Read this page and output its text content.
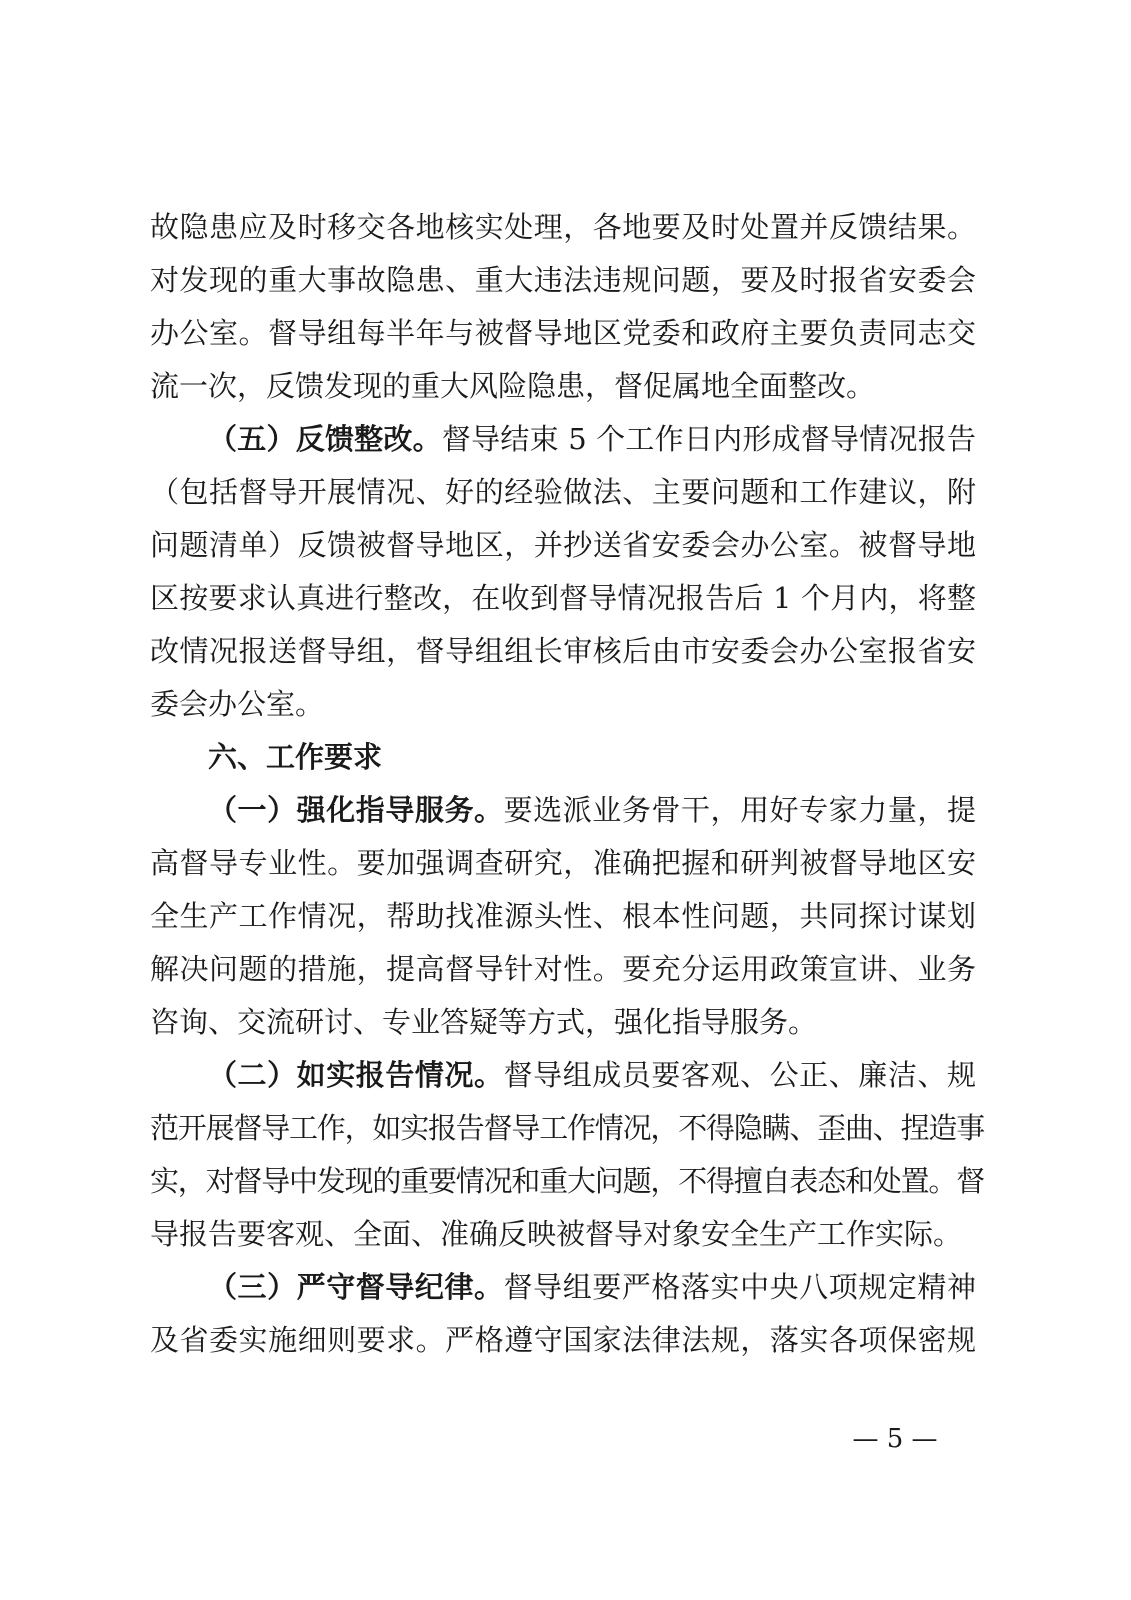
故隐患应及时移交各地核实处理，各地要及时处置并反馈结果。
对发现的重大事故隐患、重大违法违规问题，要及时报省安委会
办公室。督导组每半年与被督导地区党委和政府主要负责同志交
流一次，反馈发现的重大风险隐患，督促属地全面整改。
（五）反馈整改。督导结束 5 个工作日内形成督导情况报告
（包括督导开展情况、好的经验做法、主要问题和工作建议，附
问题清单）反馈被督导地区，并抄送省安委会办公室。被督导地
区按要求认真进行整改，在收到督导情况报告后 1 个月内，将整
改情况报送督导组，督导组组长审核后由市安委会办公室报省安
委会办公室。
六、工作要求
（一）强化指导服务。要选派业务骨干，用好专家力量，提
高督导专业性。要加强调查研究，准确把握和研判被督导地区安
全生产工作情况，帮助找准源头性、根本性问题，共同探讨谋划
解决问题的措施，提高督导针对性。要充分运用政策宣讲、业务
咨询、交流研讨、专业答疑等方式，强化指导服务。
（二）如实报告情况。督导组成员要客观、公正、廉洁、规
范开展督导工作，如实报告督导工作情况，不得隐瞒、歪曲、捏造事
实，对督导中发现的重要情况和重大问题，不得擅自表态和处置。督
导报告要客观、全面、准确反映被督导对象安全生产工作实际。
（三）严守督导纪律。督导组要严格落实中央八项规定精神
及省委实施细则要求。严格遵守国家法律法规，落实各项保密规
— 5 —
